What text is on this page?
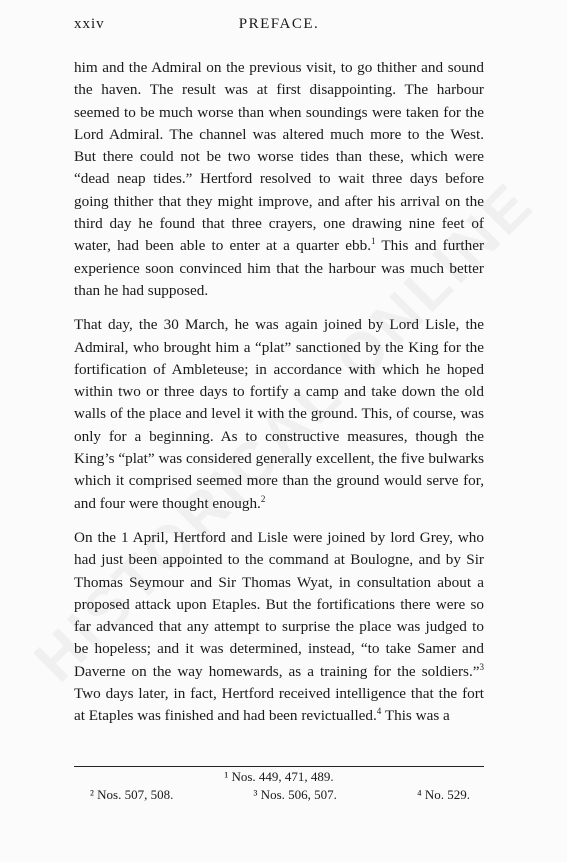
xxiv	PREFACE.

him and the Admiral on the previous visit, to go thither and sound the haven. The result was at first disappointing. The harbour seemed to be much worse than when soundings were taken for the Lord Admiral. The channel was altered much more to the West. But there could not be two worse tides than these, which were “dead neap tides.” Hertford resolved to wait three days before going thither that they might improve, and after his arrival on the third day he found that three crayers, one drawing nine feet of water, had been able to enter at a quarter ebb.$^1$ This and further experience soon convinced him that the harbour was much better than he had supposed.

That day, the 30 March, he was again joined by Lord Lisle, the Admiral, who brought him a “plat” sanctioned by the King for the fortification of Ambleteuse; in accordance with which he hoped within two or three days to fortify a camp and take down the old walls of the place and level it with the ground. This, of course, was only for a beginning. As to constructive measures, though the King’s “plat” was considered generally excellent, the five bulwarks which it comprised seemed more than the ground would serve for, and four were thought enough.$^2$

On the 1 April, Hertford and Lisle were joined by lord Grey, who had just been appointed to the command at Boulogne, and by Sir Thomas Seymour and Sir Thomas Wyat, in consultation about a proposed attack upon Etaples. But the fortifications there were so far advanced that any attempt to surprise the place was judged to be hopeless; and it was determined, instead, “to take Samer and Daverne on the way homewards, as a training for the soldiers.”$^3$ Two days later, in fact, Hertford received intelligence that the fort at Etaples was finished and had been revictualled.$^4$ This was a

¹ Nos. 449, 471, 489.
² Nos. 507, 508.	³ Nos. 506, 507.	⁴ No. 529.
